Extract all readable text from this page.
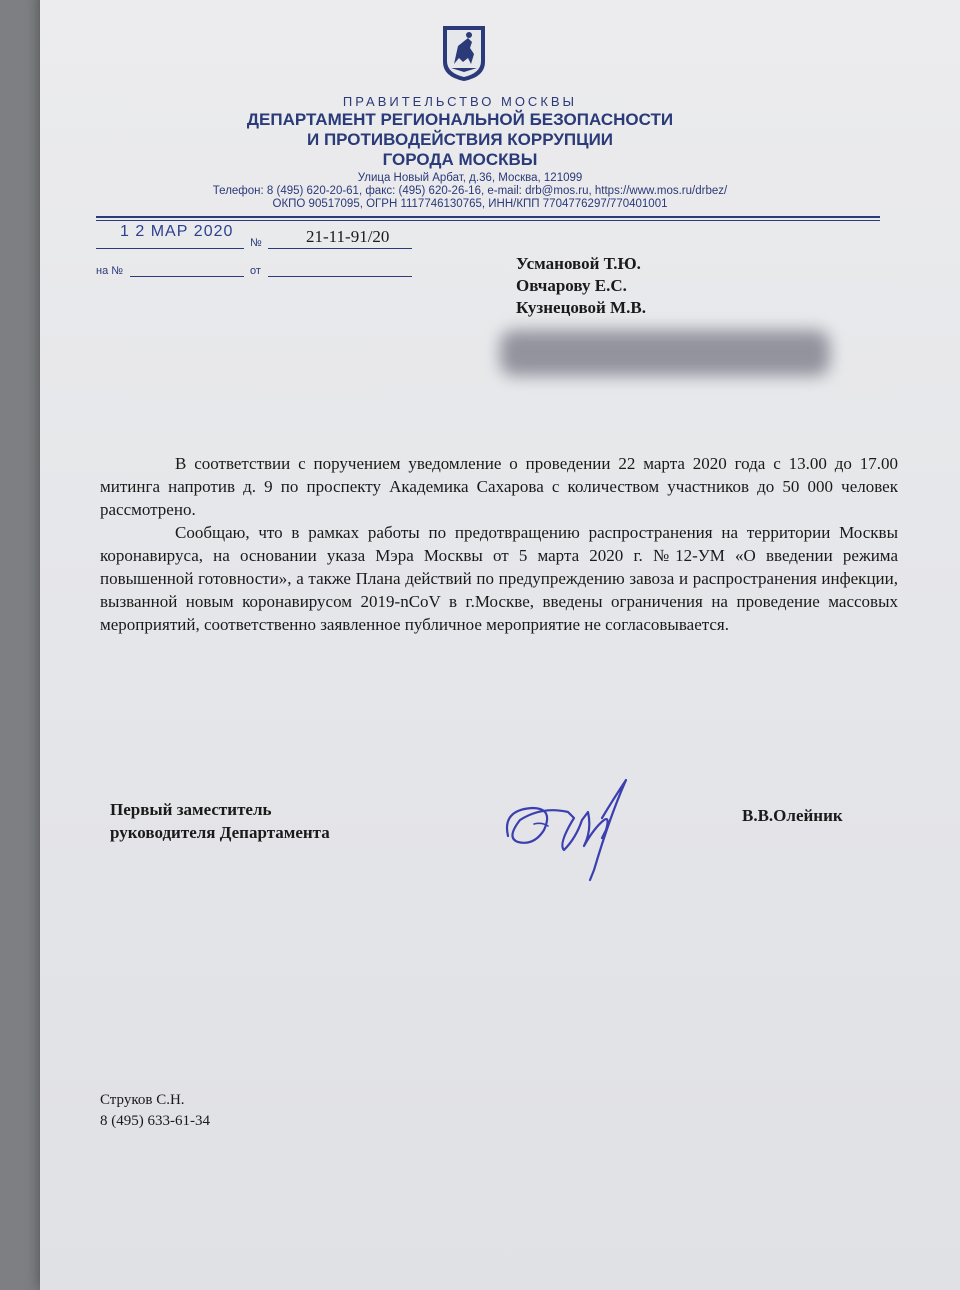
ПРАВИТЕЛЬСТВО МОСКВЫ
ДЕПАРТАМЕНТ РЕГИОНАЛЬНОЙ БЕЗОПАСНОСТИ
И ПРОТИВОДЕЙСТВИЯ КОРРУПЦИИ
ГОРОДА МОСКВЫ
Улица Новый Арбат, д.36, Москва, 121099
Телефон: 8 (495) 620-20-61, факс: (495) 620-26-16, e-mail: drb@mos.ru, https://www.mos.ru/drbez/
ОКПО 90517095, ОГРН 1117746130765, ИНН/КПП 7704776297/770401001
1 2 МАР 2020
№	21-11-91/20
на №	от	Усмановой Т.Ю.
Овчарову Е.С.
Кузнецовой М.В.

В соответствии с поручением уведомление о проведении 22 марта 2020 года с 13.00 до 17.00 митинга напротив д. 9 по проспекту Академика Сахарова с количеством участников до 50 000 человек рассмотрено.

Сообщаю, что в рамках работы по предотвращению распространения на территории Москвы коронавируса, на основании указа Мэра Москвы от 5 марта 2020 г. №12-УМ «О введении режима повышенной готовности», а также Плана действий по предупреждению завоза и распространения инфекции, вызванной новым коронавирусом 2019-nCoV в г.Москве, введены ограничения на проведение массовых мероприятий, соответственно заявленное публичное мероприятие не согласовывается.

Первый заместитель
руководителя Департамента
В.В.Олейник
Струков С.Н.
8 (495) 633-61-34
